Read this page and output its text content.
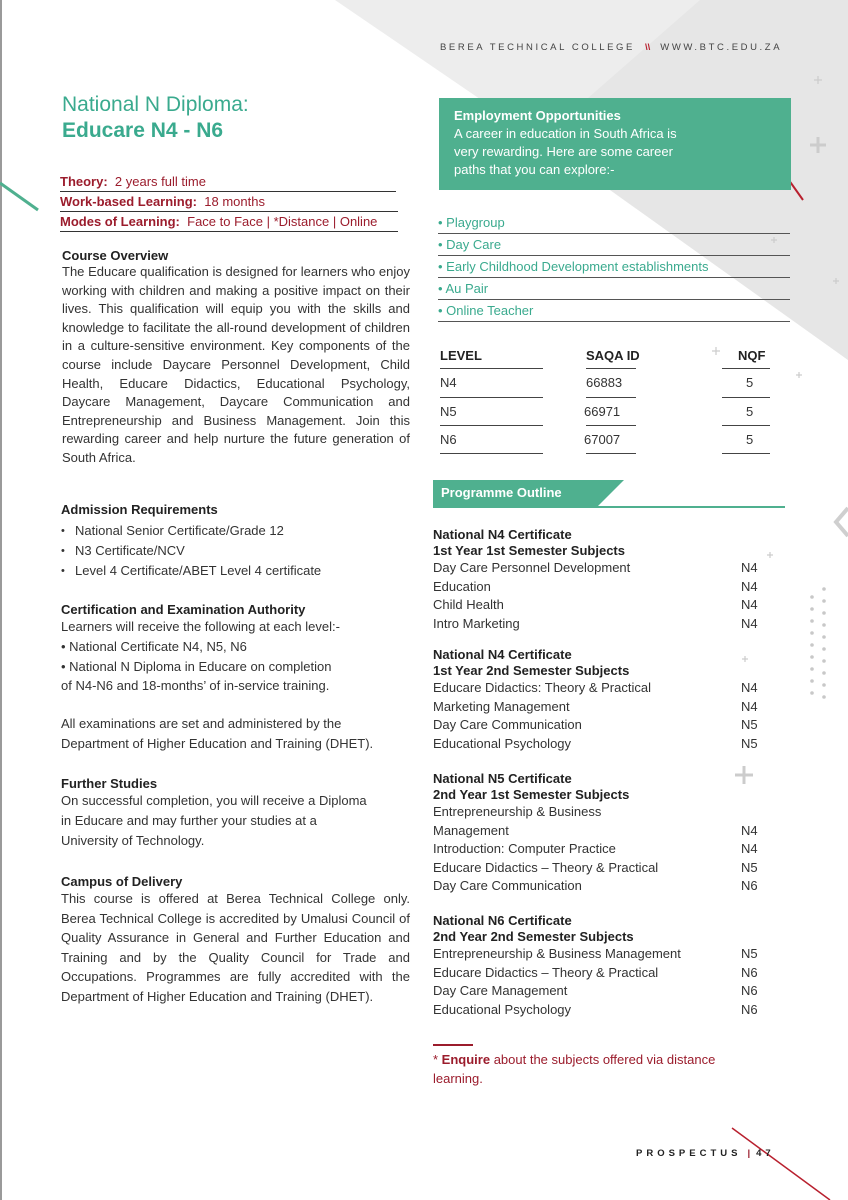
BEREA TECHNICAL COLLEGE \\ WWW.BTC.EDU.ZA
National N Diploma:
Educare N4 - N6
Theory: 2 years full time
Work-based Learning: 18 months
Modes of Learning: Face to Face | *Distance | Online
Course Overview
The Educare qualification is designed for learners who enjoy working with children and making a positive impact on their lives. This qualification will equip you with the skills and knowledge to facilitate the all-round development of children in a culture-sensitive environment. Key components of the course include Daycare Personnel Development, Child Health, Educare Didactics, Educational Psychology, Daycare Management, Daycare Communication and Entrepreneurship and Business Management. Join this rewarding career and help nurture the future generation of South Africa.
Admission Requirements
• National Senior Certificate/Grade 12
• N3 Certificate/NCV
• Level 4 Certificate/ABET Level 4 certificate
Certification and Examination Authority
Learners will receive the following at each level:-
• National Certificate N4, N5, N6
• National N Diploma in Educare on completion
of N4-N6 and 18-months’ of in-service training.
All examinations are set and administered by the
Department of Higher Education and Training (DHET).
Further Studies
On successful completion, you will receive a Diploma
in Educare and may further your studies at a
University of Technology.
Campus of Delivery
This course is offered at Berea Technical College only. Berea Technical College is accredited by Umalusi Council of Quality Assurance in General and Further Education and Training and by the Quality Council for Trade and Occupations. Programmes are fully accredited with the Department of Higher Education and Training (DHET).
Employment Opportunities
A career in education in South Africa is very rewarding. Here are some career paths that you can explore:-
• Playgroup
• Day Care
• Early Childhood Development establishments
• Au Pair
• Online Teacher
LEVEL	SAQA ID	NQF
N4	66883	5
N5	66971	5
N6	67007	5
Programme Outline
National N4 Certificate
1st Year 1st Semester Subjects
Day Care Personnel Development	N4
Education	N4
Child Health	N4
Intro Marketing	N4
National N4 Certificate
1st Year 2nd Semester Subjects
Educare Didactics: Theory & Practical	N4
Marketing Management	N4
Day Care Communication	N5
Educational Psychology	N5
National N5 Certificate
2nd Year 1st Semester Subjects
Entrepreneurship & Business
Management	N4
Introduction: Computer Practice	N4
Educare Didactics – Theory & Practical	N5
Day Care Communication	N6
National N6 Certificate
2nd Year 2nd Semester Subjects
Entrepreneurship & Business Management	N5
Educare Didactics – Theory & Practical	N6
Day Care Management	N6
Educational Psychology	N6
* Enquire about the subjects offered via distance learning.
PROSPECTUS | 47
